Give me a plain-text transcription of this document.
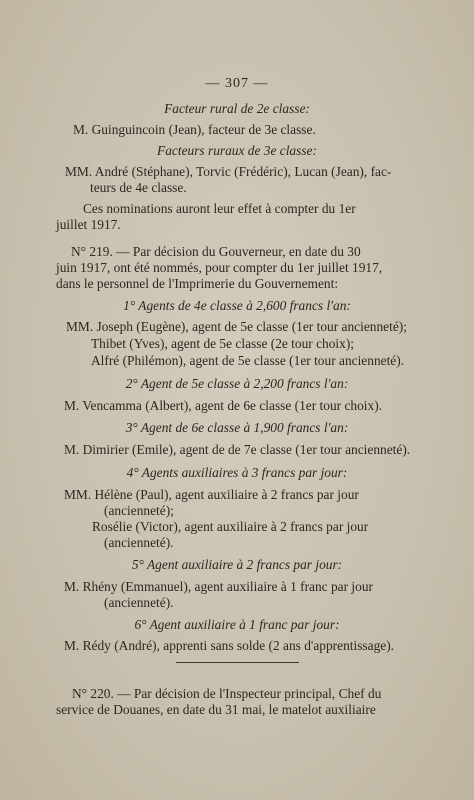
— 307 —
Facteur rural de 2e classe:
M. Guinguincoin (Jean), facteur de 3e classe.
Facteurs ruraux de 3e classe:
MM. André (Stéphane), Torvic (Frédéric), Lucan (Jean), fac-
teurs de 4e classe.
Ces nominations auront leur effet à compter du 1er
juillet 1917.
N° 219. — Par décision du Gouverneur, en date du 30
juin 1917, ont été nommés, pour compter du 1er juillet 1917,
dans le personnel de l'Imprimerie du Gouvernement:
1° Agents de 4e classe à 2,600 francs l'an:
MM. Joseph (Eugène), agent de 5e classe (1er tour ancienneté);
Thibet (Yves), agent de 5e classe (2e tour choix);
Alfré (Philémon), agent de 5e classe (1er tour ancienneté).
2° Agent de 5e classe à 2,200 francs l'an:
M. Vencamma (Albert), agent de 6e classe (1er tour choix).
3° Agent de 6e classe à 1,900 francs l'an:
M. Dimirier (Emile), agent de de 7e classe (1er tour ancienneté).
4° Agents auxiliaires à 3 francs par jour:
MM. Hélène (Paul), agent auxiliaire à 2 francs par jour
(ancienneté);
Rosélie (Victor), agent auxiliaire à 2 francs par jour
(ancienneté).
5° Agent auxiliaire à 2 francs par jour:
M. Rhény (Emmanuel), agent auxiliaire à 1 franc par jour
(ancienneté).
6° Agent auxiliaire à 1 franc par jour:
M. Rédy (André), apprenti sans solde (2 ans d'apprentissage).
N° 220. — Par décision de l'Inspecteur principal, Chef du
service de Douanes, en date du 31 mai, le matelot auxiliaire
